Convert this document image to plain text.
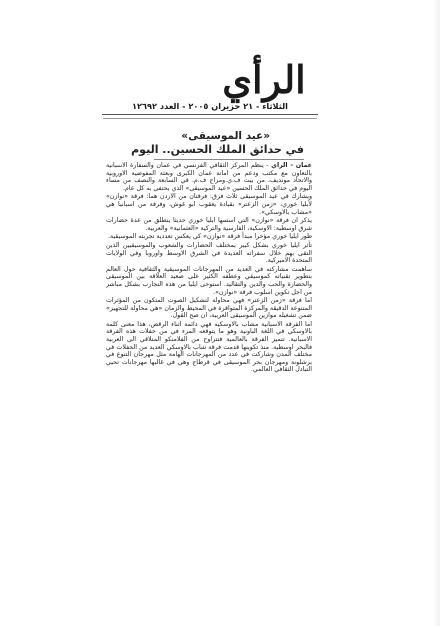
الرأي
الثلاثاء - ٢١ حزيران ٢٠٠٥ - العدد ١٢٦٩٢
«عيد الموسيقى»
في حدائق الملك الحسين.. اليوم

عمان - الرأي - ينظم المركز الثقافي الفرنسي في عمان والسفارة الاسبانية بالتعاون مع مكتب ودعم من امانة عمان الكبرى وبعثة المفوضية الاوروبية والاتحاد مونديف، من بيت ف.ي.ومزاج ف.م. في السابعة والنصف من مساء اليوم في حدائق الملك الحسين «عيد الموسيقى» الذي يحتفى به كل عام.

ويشارك في عيد الموسيقى ثلاث فرق: فرقتان من الاردن هما: فرقة «نوازن» لأبليا خوري، «زمن الزعتر» بقيادة يعقوب ابو غوش، وفرقة من اسبانيا هي «مشاب بالاوسكي».

يذكر ان فرقة «نوازن» التي اسسها ابليا خوري حديثا ينطلق من عدة حضارات شرق اوسطية: الاوسكية، الفارسية والتركية «العثمانية» والعربية.

طور ايليا خوري مؤخرا مبدأ فرقة «نوازن» كي يعكس تعددية تجربته الموسيقية.

تأثر ايليا خوري بشكل كبير بمختلف الحضارات والشعوب والموسيقيين الذين التقى بهم خلال سفراته العديدة في الشرق الاوسط واوروبا وفي الولايات المتحدة الاميركية.

ساهمت مشاركته في العديد من المهرجانات الموسيقية والثقافية حول العالم بتطوير تقنياته كموسيقي وعطفه الكثير على صعيد العلاقة بين الموسيقى والحضارة والحب والدين والتقاليد. استوحى ايليا من هذه التجارب بشكل مباشر من اجل تكوين اسلوب فرقة «نوازن».

اما فرقة «زمن الزعتر» فهي محاولة لتشكيل الصوت المتكون من المؤثرات المتنوعة الدقيقة والمركزة المتوافرة في المحيط والزمان «هي محاولة للتجهيز» ضمن تشغيله موازين الموسيقى العربية، ان صح القول.

اما الفرقة الاسبانية مشاب بالاوسكيه فهي دائمة اثناء الرقص، هذا معنى كلمة بالاوسكي في اللغة الباونية وهو ما يتوقعه المرء في من حفلات هذه الفرقة الاسبانية. تتميز الفرقة بالعالمية فتتراوح من الفلامنكو المتلاقي الى العربية فالبحر اوسطية. منذ تكوينها قدمت فرقة شاب بالاوسكي العديد من الحفلات في مختلف المدن وشاركت في عدد من المهرجانات الهامة مثل مهرجان التنوع في برشلونة ومهرجان بحر الموسيقى في قرطاج وهي في غالبها مهرجانات تحيي التبادل الثقافي العالمي.
